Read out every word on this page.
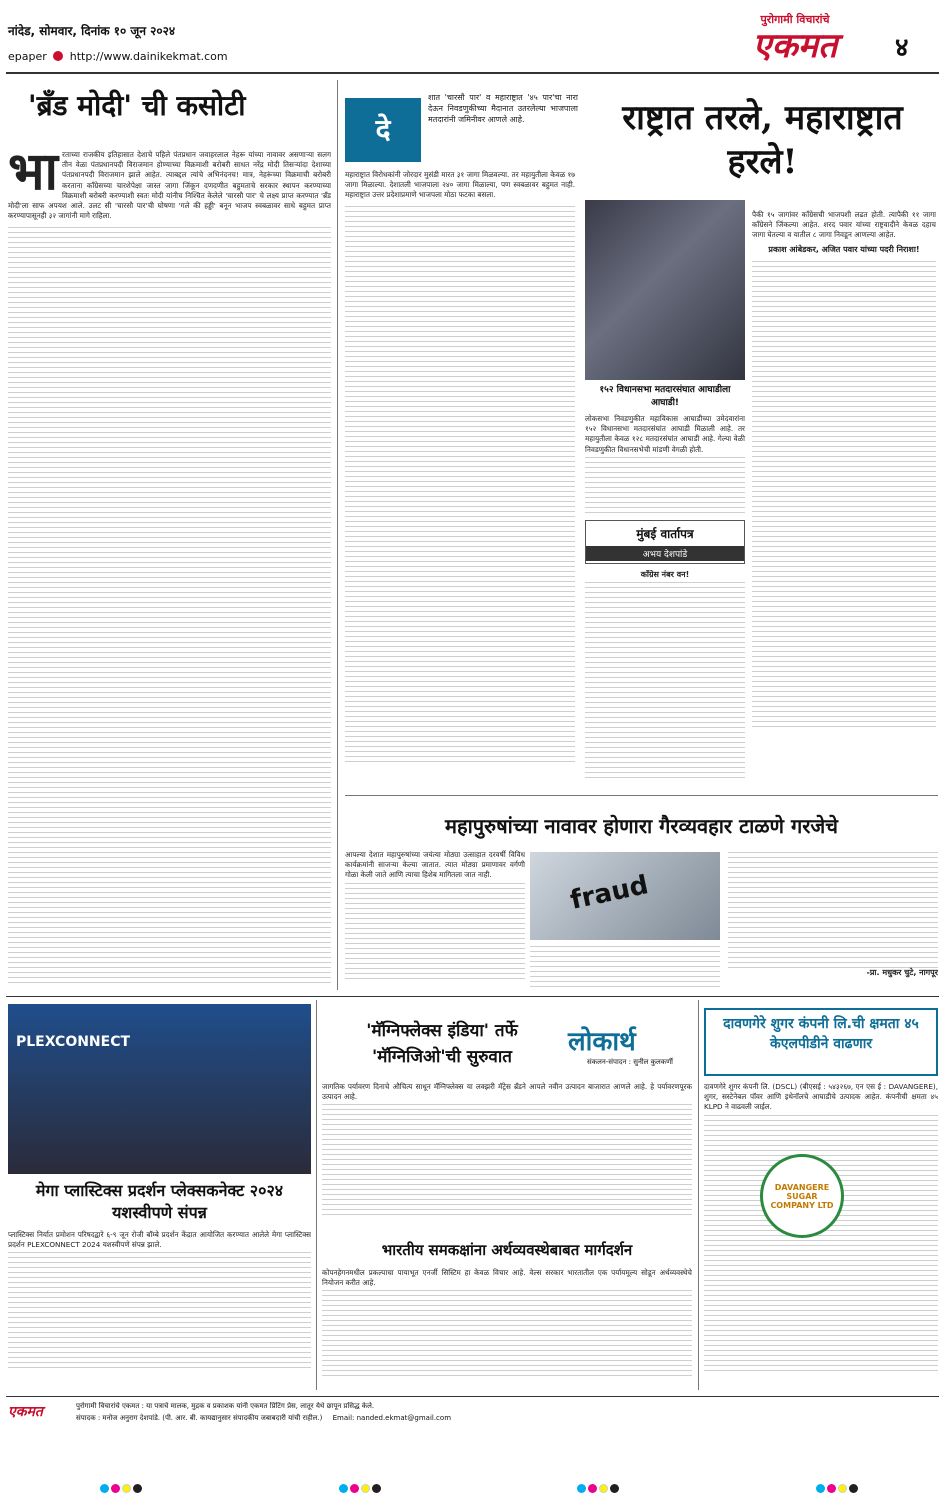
नांदेड, सोमवार, दिनांक १० जून २०२४
epaper http://www.dainikekmat.com
पुरोगामी विचारांचे
एकमत	४
'ब्रँड मोदी' ची कसोटी
भा रताच्या राजकीय इतिहासात देशाचे पहिले पंतप्रधान जवाहरलाल नेहरू यांच्या नावावर असणाऱ्या सलग तीन वेळा पंतप्रधानपदी विराजमान होण्याच्या विक्रमाशी बरोबरी साधत नरेंद्र मोदी तिसऱ्यांदा देशाच्या पंतप्रधानपदी विराजमान झाले आहेत. त्याबद्दल त्यांचे अभिनंदनच! मात्र, नेहरूंच्या विक्रमाची बरोबरी करताना काँग्रेसच्या चारशेपेक्षा जास्त जागा जिंकून दणदणीत बहुमताचे सरकार स्थापन करण्याच्या विक्रमाशी बरोबरी करण्याशी स्वतः मोदी यांनीच निश्चित केलेले 'चारसौ पार' चे लक्ष्य प्राप्त करण्यात 'ब्रँड मोदी'ला साफ अपयश आले. उलट सी 'चारसौ पार'ची घोषणा 'गले की हड्डी' बनून भाजप स्वबळावर साधे बहुमत प्राप्त करण्यापासूनही ३२ जागांनी मागे राहिला.
दे
शात 'चारसौ पार' व महाराष्ट्रात '४५ पार'चा नारा देऊन निवडणुकीच्या मैदानात उतरलेल्या भाजपाला मतदारांनी जमिनीवर आणले आहे.	राष्ट्रात तरले, महाराष्ट्रात हरले!
महाराष्ट्रात विरोधकांनी जोरदार मुसंडी मारत ३१ जागा मिळवल्या. तर महायुतीला केवळ १७ जागा मिळाल्या. देशातली भाजपाला २४० जागा मिळाल्या, पण स्वबळावर बहुमत नाही. महाराष्ट्रात उत्तर प्रदेशाप्रमाणे भाजपला मोठा फटका बसला.
१५२ विधानसभा मतदारसंघात आघाडीला आघाडी!
लोकसभा निवडणुकीत महाविकास आघाडीच्या उमेदवारांना १५२ विधानसभा मतदारसंघांत आघाडी मिळाली आहे. तर महायुतीला केवळ १२८ मतदारसंघांत आघाडी आहे. गेल्या वेळी निवडणुकीत विधानसभेची मांडणी वेगळी होती.
मुंबई वार्तापत्र
अभय देशपांडे
काँग्रेस नंबर वन!
पैकी १५ जागांवर काँग्रेसची भाजपशी लढत होती. त्यापैकी ११ जागा काँग्रेसने जिंकल्या आहेत. शरद पवार यांच्या राष्ट्रवादीने केवळ दहाच जागा घेतल्या व यातील ८ जागा निवडून आणल्या आहेत.
प्रकाश आंबेडकर, अजित पवार यांच्या पदरी निराशा!
महापुरुषांच्या नावावर होणारा गैरव्यवहार टाळणे गरजेचे
आपल्या देशात महापुरुषांच्या जयंत्या मोठ्या उत्साहात दरवर्षी विविध कार्यक्रमांनी साजऱ्या केल्या जातात. त्यात मोठ्या प्रमाणावर वर्गणी गोळा केली जाते आणि त्याचा हिशेब मागितला जात नाही.	fraud
-प्रा. मधुकर चुटे, नागपूर
PLEXCONNECT
मेगा प्लास्टिक्स प्रदर्शन प्लेक्सकनेक्ट २०२४ यशस्वीपणे संपन्न
प्लास्टिक्स निर्यात प्रमोशन परिषदद्वारे ६-९ जून रोजी बॉम्बे प्रदर्शन केंद्रात आयोजित करण्यात आलेले मेगा प्लास्टिक्स प्रदर्शन PLEXCONNECT 2024 यशस्वीपणे संपन्न झाले.
'मॅग्निफ्लेक्स इंडिया' तर्फे 'मॅग्निजिओ'ची सुरुवात
जागतिक पर्यावरण दिनाचे औचित्य साधून मॅग्निफ्लेक्स या लक्झरी मॅट्रेस ब्रँडने आपले नवीन उत्पादन बाजारात आणले आहे. हे पर्यावरणपूरक उत्पादन आहे.
लोकार्थ
संकलन-संपादन : सुनील कुलकर्णी
भारतीय समकक्षांना अर्थव्यवस्थेबाबत मार्गदर्शन
कोपनहेगनमधील प्रकल्पाचा पायाभूत एनर्जी सिस्टिम हा केवळ विचार आहे. वेल्स सरकार भारतातील एक पर्यायमूल्य सोडून अर्थव्यवस्थेचे नियोजन करीत आहे.
दावणगेरे शुगर कंपनी लि.ची क्षमता ४५ केएलपीडीने वाढणार
दावणगेरे शुगर कंपनी लि. (DSCL) (बीएसई : ५४३२६७, एन एस ई : DAVANGERE), शुगर, सस्टेनेबल पॉवर आणि इथेनॉलचे आघाडीचे उत्पादक आहेत. कंपनीची क्षमता ४५ KLPD ने वाढवली जाईल.
DAVANGERE SUGAR COMPANY LTD
एकमत	पुरोगामी विचारांचे एकमत : या पत्राचे मालक, मुद्रक व प्रकाशक यांनी एकमत प्रिंटिंग प्रेस, लातूर येथे छापून प्रसिद्ध केले.
संपादक : मनोज अनुराग देशपांडे. (पी. आर. बी. कायद्यानुसार संपादकीय जबाबदारी यांची राहील.) Email: nanded.ekmat@gmail.com
